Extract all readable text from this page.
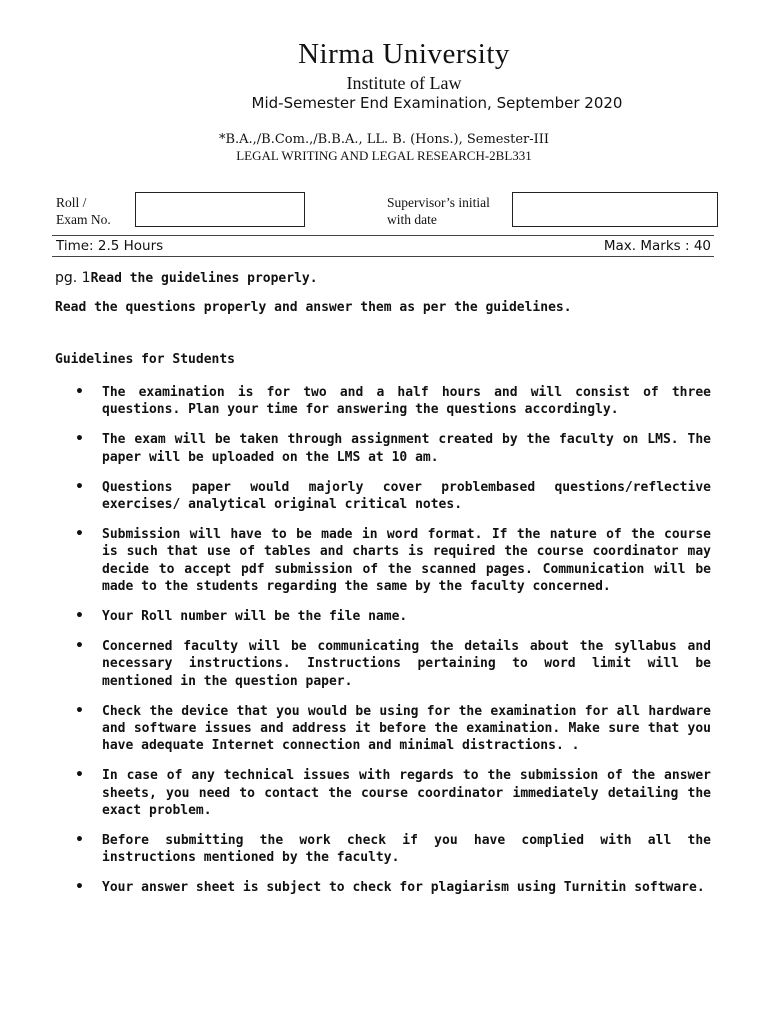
Nirma University
Institute of Law
Mid-Semester End Examination, September 2020
*B.A.,/B.Com.,/B.B.A., LL. B. (Hons.), Semester-III
LEGAL WRITING AND LEGAL RESEARCH-2BL331
Roll /
Exam No.
Supervisor’s initial
with date
Time: 2.5 Hours	Max. Marks : 40
pg. 1Read the guidelines properly.
Read the questions properly and answer them as per the guidelines.
Guidelines for Students
• The examination is for two and a half hours and will consist of three questions. Plan your time for answering the questions accordingly.
• The exam will be taken through assignment created by the faculty on LMS. The paper will be uploaded on the LMS at 10 am.
• Questions paper would majorly cover problembased questions/reflective exercises/ analytical original critical notes.
• Submission will have to be made in word format. If the nature of the course is such that use of tables and charts is required the course coordinator may decide to accept pdf submission of the scanned pages. Communication will be made to the students regarding the same by the faculty concerned.
• Your Roll number will be the file name.
• Concerned faculty will be communicating the details about the syllabus and necessary instructions. Instructions pertaining to word limit will be mentioned in the question paper.
• Check the device that you would be using for the examination for all hardware and software issues and address it before the examination. Make sure that you have adequate Internet connection and minimal distractions. .
• In case of any technical issues with regards to the submission of the answer sheets, you need to contact the course coordinator immediately detailing the exact problem.
• Before submitting the work check if you have complied with all the instructions mentioned by the faculty.
• Your answer sheet is subject to check for plagiarism using Turnitin software.
